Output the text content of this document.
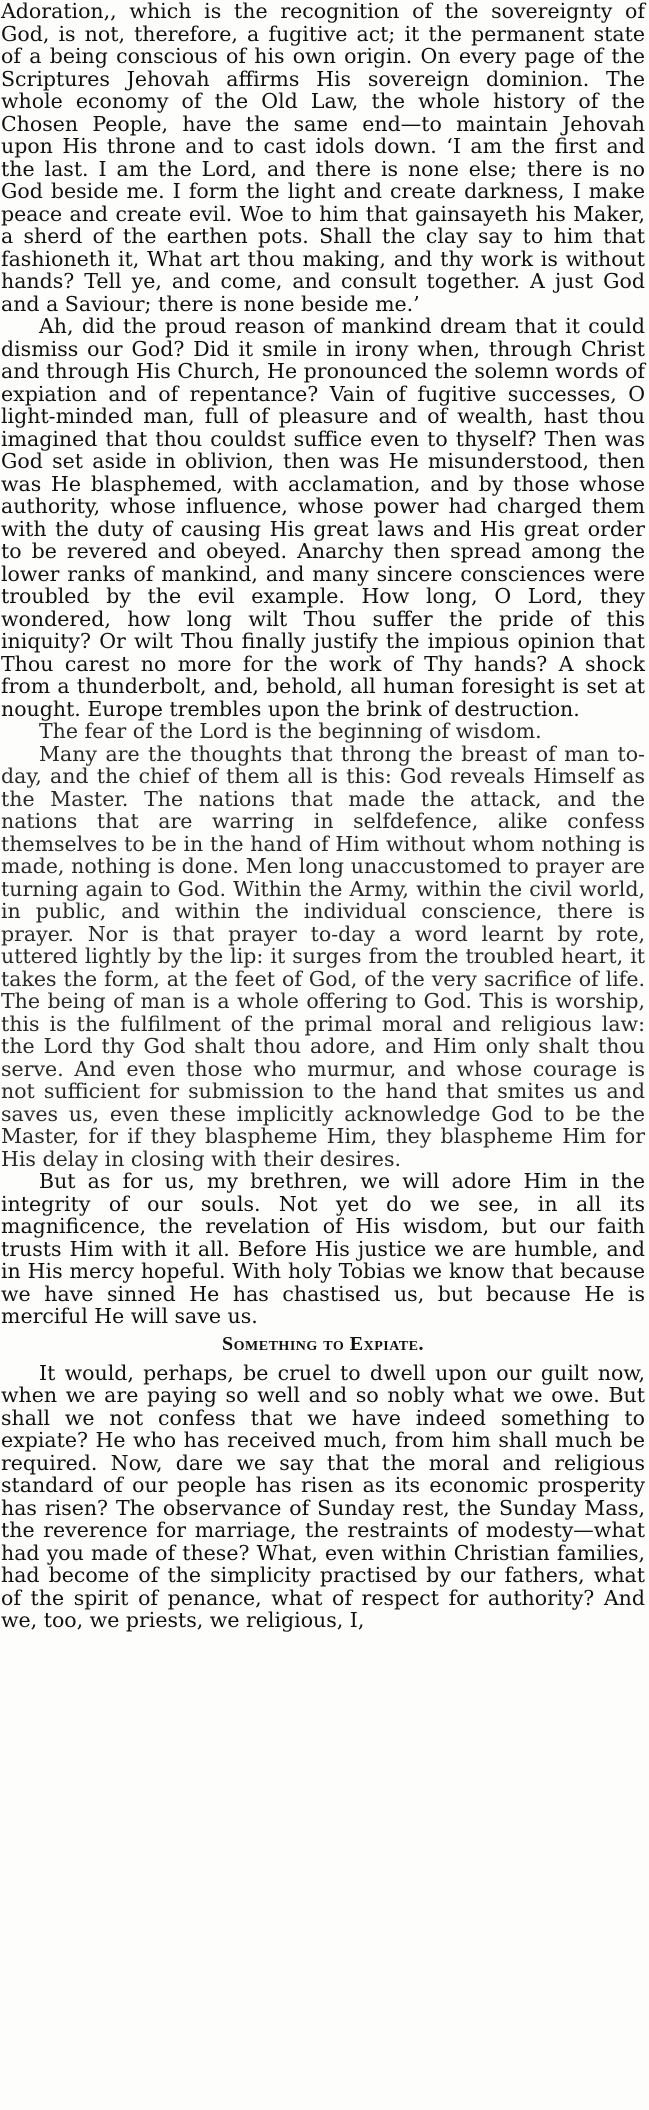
Adoration,, which is the recognition of the sovereignty of God, is not, therefore, a fugitive act; it the permanent state of a being conscious of his own origin. On every page of the Scriptures Jehovah affirms His sovereign dominion. The whole economy of the Old Law, the whole history of the Chosen People, have the same end—to maintain Jehovah upon His throne and to cast idols down. ‘I am the first and the last. I am the Lord, and there is none else; there is no God beside me. I form the light and create darkness, I make peace and create evil. Woe to him that gainsayeth his Maker, a sherd of the earthen pots. Shall the clay say to him that fashioneth it, What art thou making, and thy work is without hands? Tell ye, and come, and consult together. A just God and a Saviour; there is none beside me.’

Ah, did the proud reason of mankind dream that it could dismiss our God? Did it smile in irony when, through Christ and through His Church, He pronounced the solemn words of expiation and of repentance? Vain of fugitive successes, O light-minded man, full of pleasure and of wealth, hast thou imagined that thou couldst suffice even to thyself? Then was God set aside in oblivion, then was He misunderstood, then was He blasphemed, with acclamation, and by those whose authority, whose influence, whose power had charged them with the duty of causing His great laws and His great order to be revered and obeyed. Anarchy then spread among the lower ranks of mankind, and many sincere consciences were troubled by the evil example. How long, O Lord, they wondered, how long wilt Thou suffer the pride of this iniquity? Or wilt Thou finally justify the impious opinion that Thou carest no more for the work of Thy hands? A shock from a thunderbolt, and, behold, all human foresight is set at nought. Europe trembles upon the brink of destruction.

The fear of the Lord is the beginning of wisdom.

Many are the thoughts that throng the breast of man to-day, and the chief of them all is this: God reveals Himself as the Master. The nations that made the attack, and the nations that are warring in selfdefence, alike confess themselves to be in the hand of Him without whom nothing is made, nothing is done. Men long unaccustomed to prayer are turning again to God. Within the Army, within the civil world, in public, and within the individual conscience, there is prayer. Nor is that prayer to-day a word learnt by rote, uttered lightly by the lip: it surges from the troubled heart, it takes the form, at the feet of God, of the very sacrifice of life. The being of man is a whole offering to God. This is worship, this is the fulfilment of the primal moral and religious law: the Lord thy God shalt thou adore, and Him only shalt thou serve. And even those who murmur, and whose courage is not sufficient for submission to the hand that smites us and saves us, even these implicitly acknowledge God to be the Master, for if they blaspheme Him, they blaspheme Him for His delay in closing with their desires.

But as for us, my brethren, we will adore Him in the integrity of our souls. Not yet do we see, in all its magnificence, the revelation of His wisdom, but our faith trusts Him with it all. Before His justice we are humble, and in His mercy hopeful. With holy Tobias we know that because we have sinned He has chastised us, but because He is merciful He will save us.

Something to Expiate.

It would, perhaps, be cruel to dwell upon our guilt now, when we are paying so well and so nobly what we owe. But shall we not confess that we have indeed something to expiate? He who has received much, from him shall much be required. Now, dare we say that the moral and religious standard of our people has risen as its economic prosperity has risen? The observance of Sunday rest, the Sunday Mass, the reverence for marriage, the restraints of modesty—what had you made of these? What, even within Christian families, had become of the simplicity practised by our fathers, what of the spirit of penance, what of respect for authority? And we, too, we priests, we religious, I,
